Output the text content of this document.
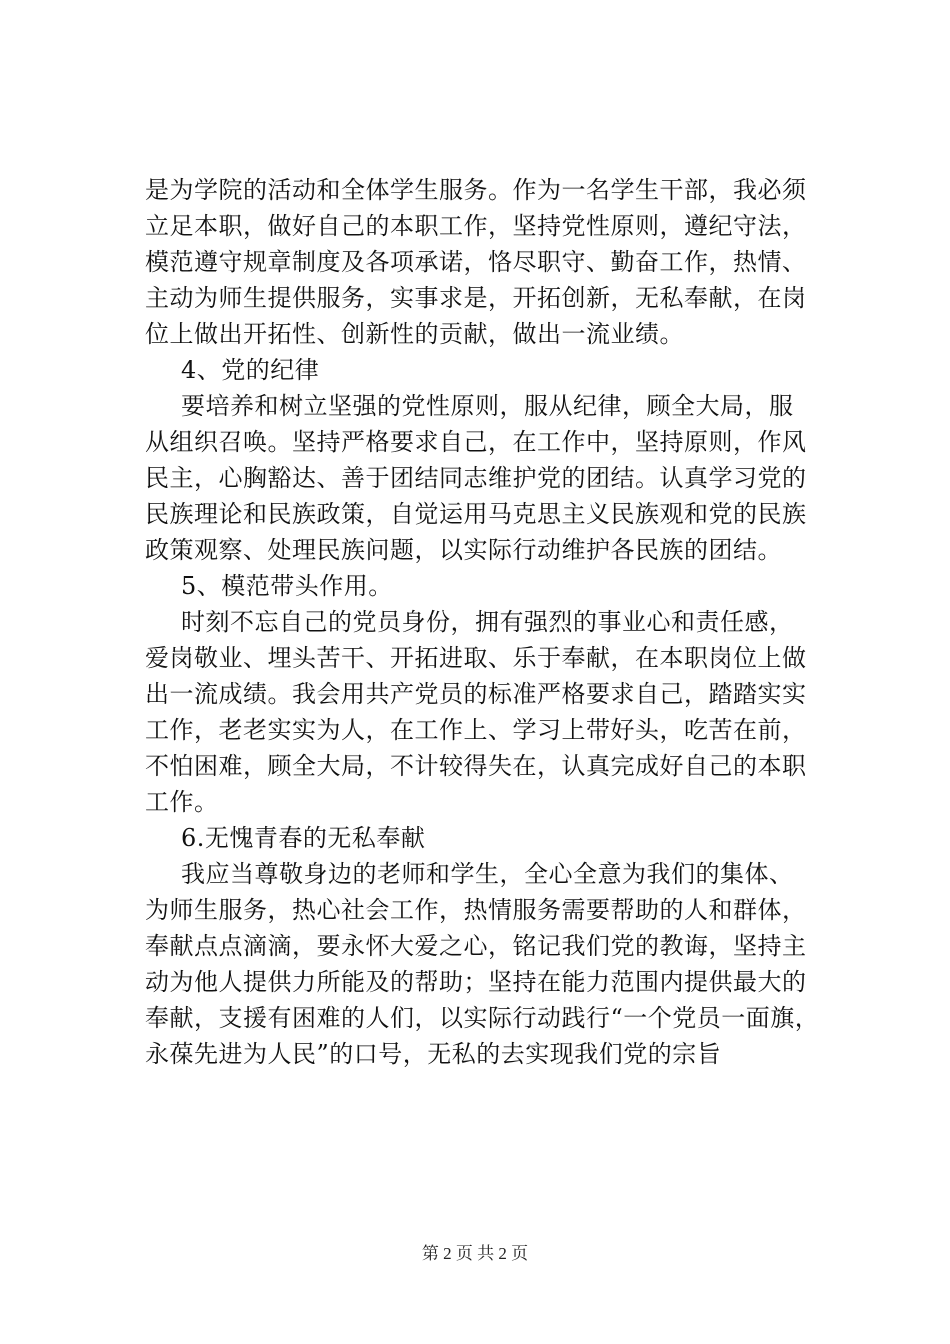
是为学院的活动和全体学生服务。作为一名学生干部，我必须
立足本职，做好自己的本职工作，坚持党性原则，遵纪守法，
模范遵守规章制度及各项承诺，恪尽职守、勤奋工作，热情、
主动为师生提供服务，实事求是，开拓创新，无私奉献，在岗
位上做出开拓性、创新性的贡献，做出一流业绩。
4、党的纪律
要培养和树立坚强的党性原则，服从纪律，顾全大局，服
从组织召唤。坚持严格要求自己，在工作中，坚持原则，作风
民主，心胸豁达、善于团结同志维护党的团结。认真学习党的
民族理论和民族政策，自觉运用马克思主义民族观和党的民族
政策观察、处理民族问题，以实际行动维护各民族的团结。
5、模范带头作用。
时刻不忘自己的党员身份，拥有强烈的事业心和责任感，
爱岗敬业、埋头苦干、开拓进取、乐于奉献，在本职岗位上做
出一流成绩。我会用共产党员的标准严格要求自己，踏踏实实
工作，老老实实为人，在工作上、学习上带好头，吃苦在前，
不怕困难，顾全大局，不计较得失在，认真完成好自己的本职
工作。
6.无愧青春的无私奉献
我应当尊敬身边的老师和学生，全心全意为我们的集体、
为师生服务，热心社会工作，热情服务需要帮助的人和群体，
奉献点点滴滴，要永怀大爱之心，铭记我们党的教诲，坚持主
动为他人提供力所能及的帮助；坚持在能力范围内提供最大的
奉献，支援有困难的人们，以实际行动践行“一个党员一面旗，
永葆先进为人民”的口号，无私的去实现我们党的宗旨
第 2 页 共 2 页
